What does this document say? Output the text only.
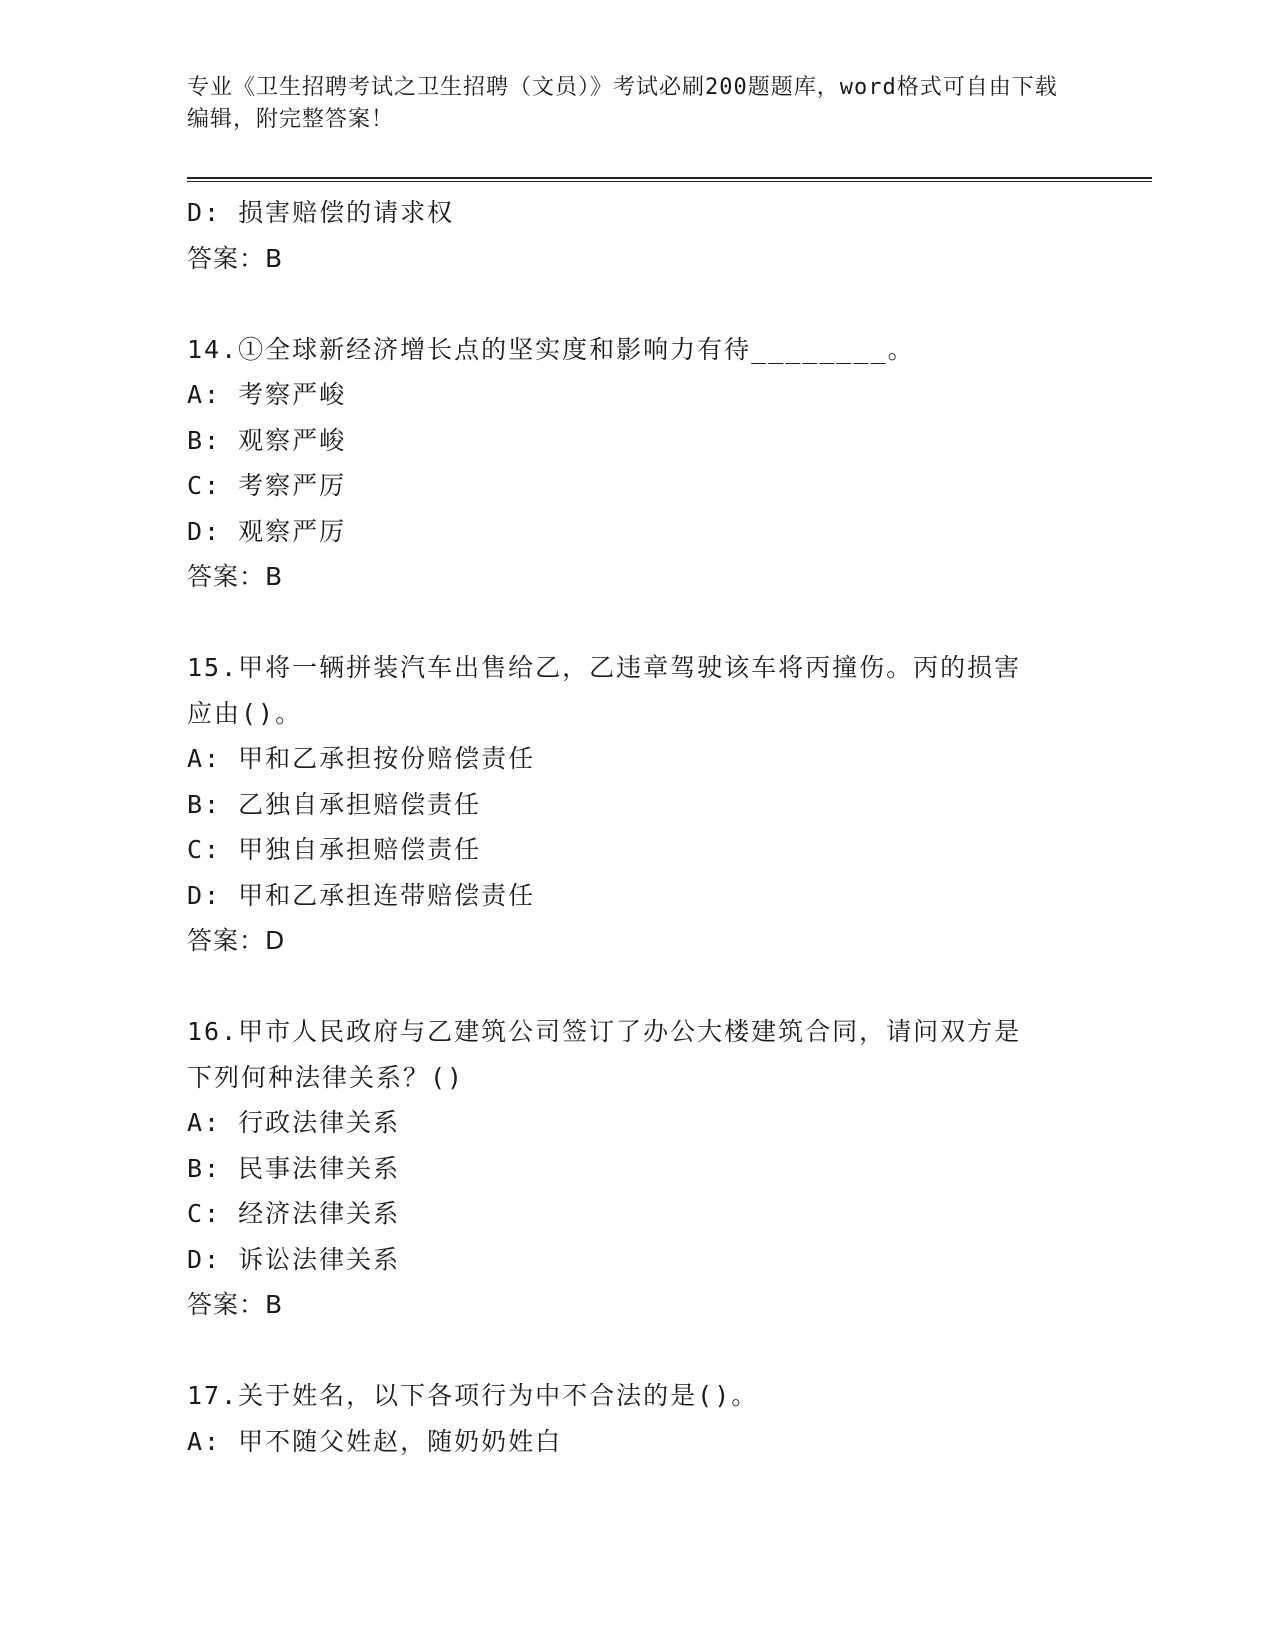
专业《卫生招聘考试之卫生招聘（文员）》考试必刷200题题库，word格式可自由下载编辑，附完整答案！
D: 损害赔偿的请求权
答案：B
14.①全球新经济增长点的坚实度和影响力有待________。
A: 考察严峻
B: 观察严峻
C: 考察严厉
D: 观察严厉
答案：B
15.甲将一辆拼装汽车出售给乙，乙违章驾驶该车将丙撞伤。丙的损害
应由()。
A: 甲和乙承担按份赔偿责任
B: 乙独自承担赔偿责任
C: 甲独自承担赔偿责任
D: 甲和乙承担连带赔偿责任
答案：D
16.甲市人民政府与乙建筑公司签订了办公大楼建筑合同，请问双方是
下列何种法律关系？()
A: 行政法律关系
B: 民事法律关系
C: 经济法律关系
D: 诉讼法律关系
答案：B
17.关于姓名，以下各项行为中不合法的是()。
A: 甲不随父姓赵，随奶奶姓白
